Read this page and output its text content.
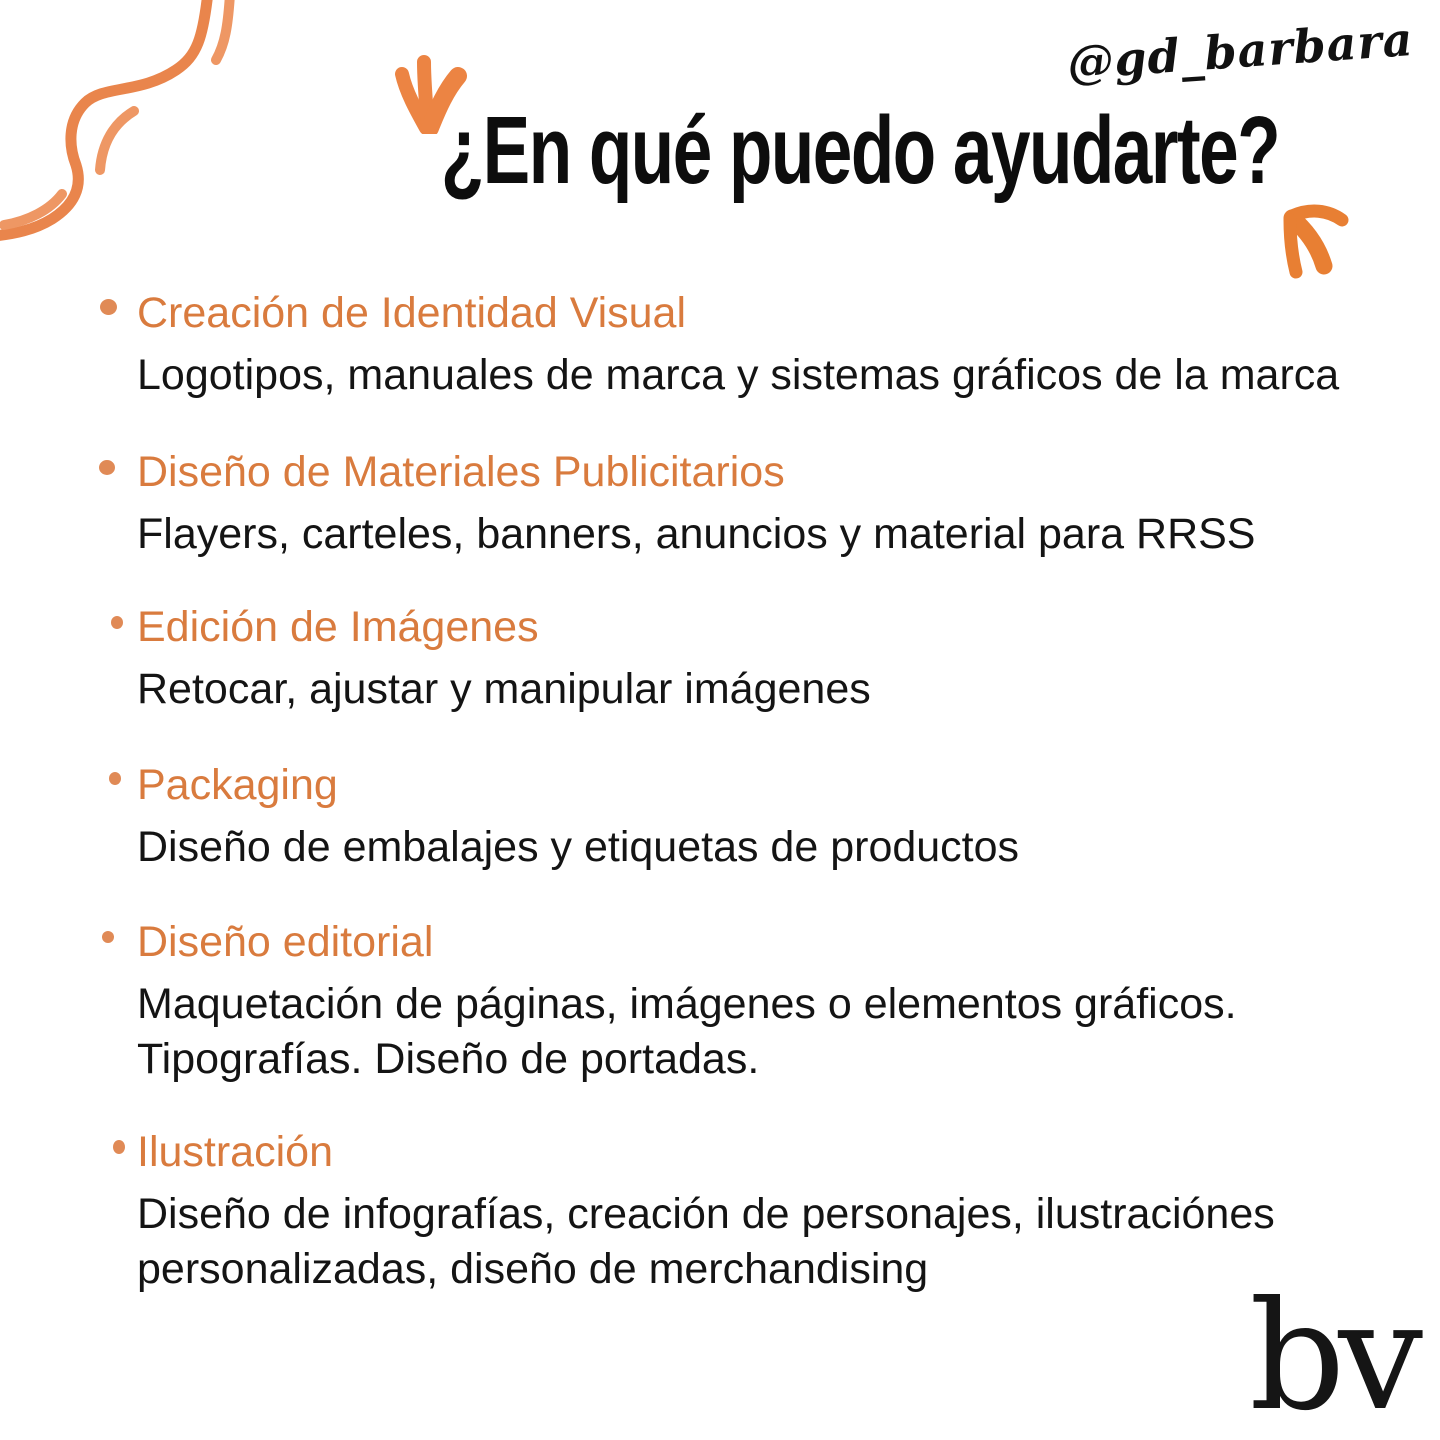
@gd_barbara
¿En qué puedo ayudarte?
Creación de Identidad Visual
Logotipos, manuales de marca y sistemas gráficos de la marca
Diseño de Materiales Publicitarios
Flayers, carteles, banners, anuncios y material para RRSS
Edición de Imágenes
Retocar, ajustar y manipular imágenes
Packaging
Diseño de embalajes y etiquetas de productos
Diseño editorial
Maquetación de páginas, imágenes o elementos gráficos. Tipografías. Diseño de portadas.
Ilustración
Diseño de infografías, creación de personajes, ilustraciónes personalizadas, diseño de merchandising
bv
